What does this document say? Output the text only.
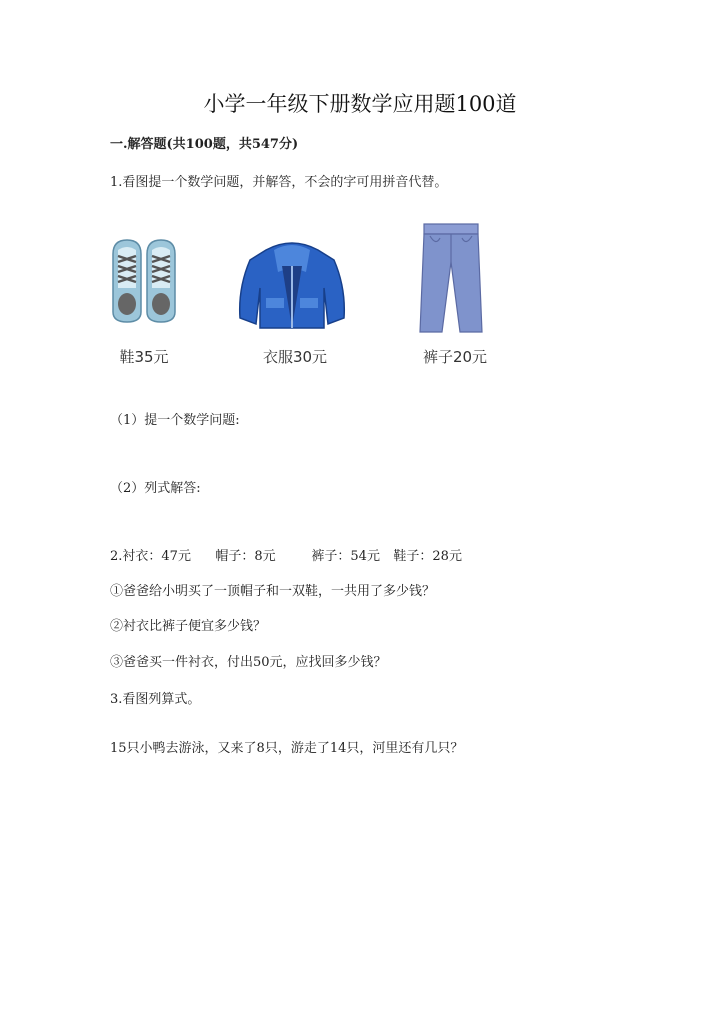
小学一年级下册数学应用题100道
一.解答题(共100题，共547分)
1.看图提一个数学问题，并解答，不会的字可用拼音代替。
鞋35元	衣服30元	裤子20元
（1）提一个数学问题:
（2）列式解答:
2.衬衣：47元 帽子：8元	裤子：54元 鞋子：28元
①爸爸给小明买了一顶帽子和一双鞋，一共用了多少钱？
②衬衣比裤子便宜多少钱？
③爸爸买一件衬衣，付出50元，应找回多少钱？
3.看图列算式。
15只小鸭去游泳，又来了8只，游走了14只，河里还有几只？
